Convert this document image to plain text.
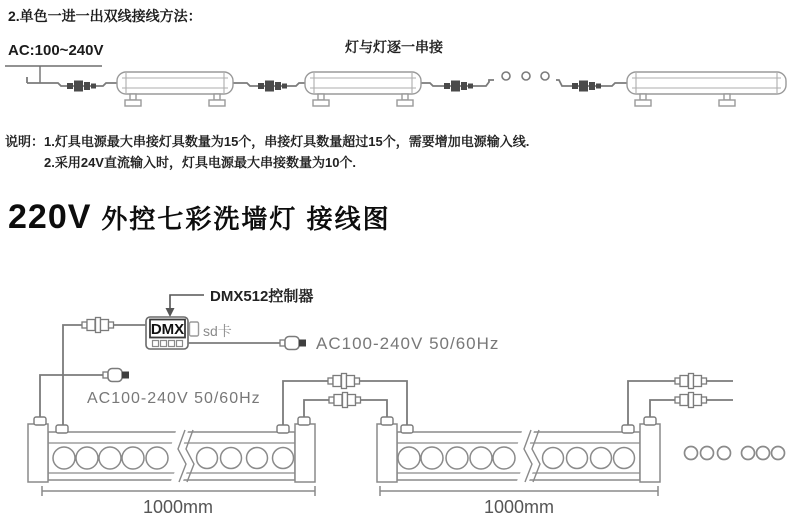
2.单色一进一出双线接线方法：
AC:100~240V	灯与灯逐一串接
说明：1.灯具电源最大串接灯具数量为15个，串接灯具数量超过15个，需要增加电源输入线.
2.采用24V直流输入时，灯具电源最大串接数量为10个.
220V 外控七彩洗墙灯 接线图
DMX512控制器
DMX sd卡
AC100-240V 50/60Hz
AC100-240V 50/60Hz
1000mm	1000mm
